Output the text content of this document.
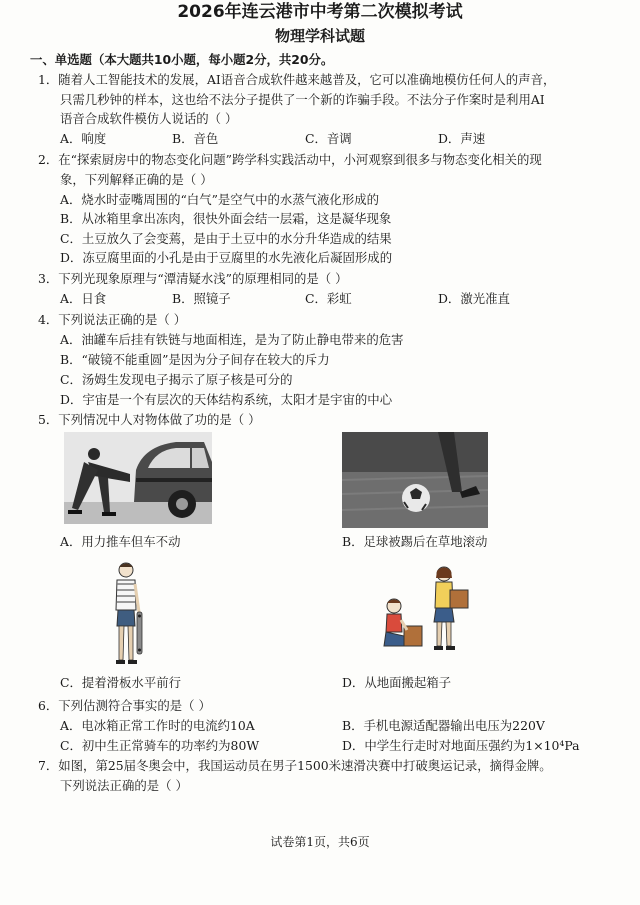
2026年连云港市中考第二次模拟考试
物理学科试题
一、单选题（本大题共10小题，每小题2分，共20分。
1．随着人工智能技术的发展，AI语音合成软件越来越普及，它可以准确地模仿任何人的声音，
只需几秒钟的样本，这也给不法分子提供了一个新的诈骗手段。不法分子作案时是利用AI
语音合成软件模仿人说话的（ ）
A．响度	B．音色	C．音调	D．声速
2．在“探索厨房中的物态变化问题”跨学科实践活动中，小河观察到很多与物态变化相关的现
象，下列解释正确的是（ ）
A．烧水时壶嘴周围的“白气”是空气中的水蒸气液化形成的
B．从冰箱里拿出冻肉，很快外面会结一层霜，这是凝华现象
C．土豆放久了会变蔫，是由于土豆中的水分升华造成的结果
D．冻豆腐里面的小孔是由于豆腐里的水先液化后凝固形成的
3．下列光现象原理与“潭清疑水浅”的原理相同的是（ ）
A．日食	B．照镜子	C．彩虹	D．激光准直
4．下列说法正确的是（ ）
A．油罐车后挂有铁链与地面相连，是为了防止静电带来的危害
B．“破镜不能重圆”是因为分子间存在较大的斥力
C．汤姆生发现电子揭示了原子核是可分的
D．宇宙是一个有层次的天体结构系统，太阳才是宇宙的中心
5．下列情况中人对物体做了功的是（ ）
A．用力推车但车不动	B．足球被踢后在草地滚动
C．提着滑板水平前行	D．从地面搬起箱子
6．下列估测符合事实的是（ ）
A．电冰箱正常工作时的电流约10A	B．手机电源适配器输出电压为220V
C．初中生正常骑车的功率约为80W	D．中学生行走时对地面压强约为1×10⁴Pa
7．如图，第25届冬奥会中，我国运动员在男子1500米速滑决赛中打破奥运记录，摘得金牌。
下列说法正确的是（ ）
试卷第1页，共6页
